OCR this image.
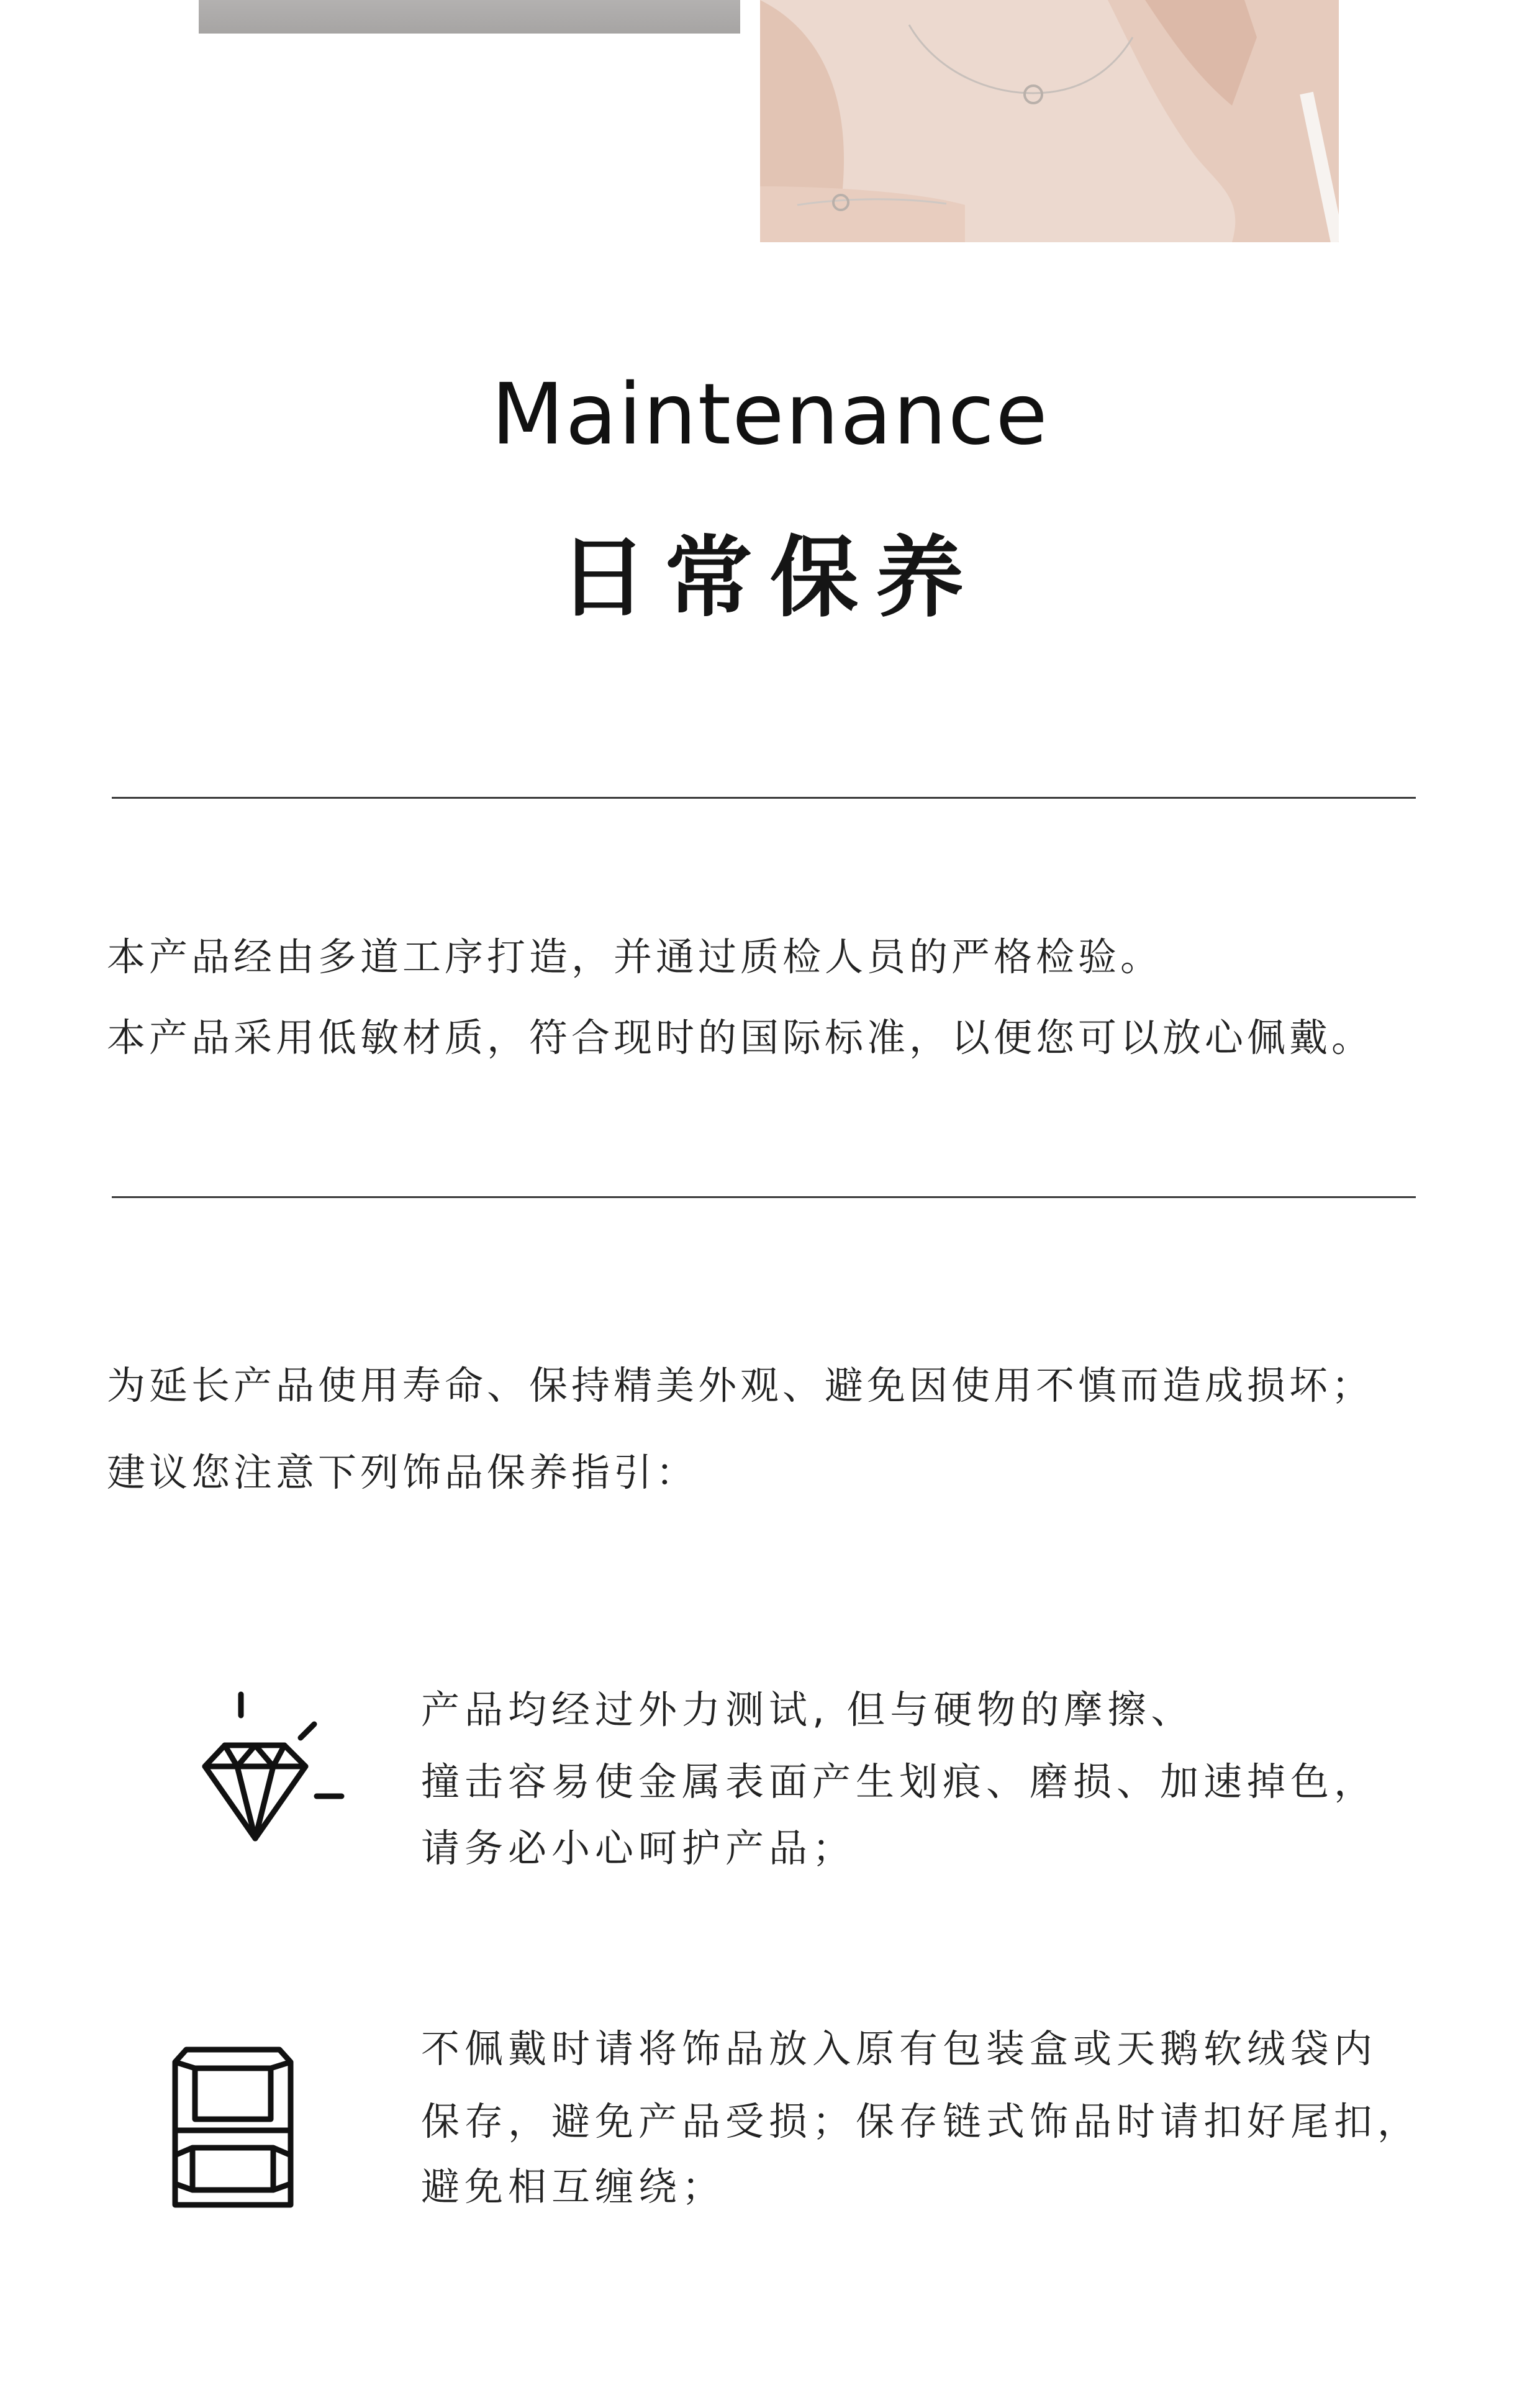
Maintenance
日常保养
本产品经由多道工序打造，并通过质检人员的严格检验。
本产品采用低敏材质，符合现时的国际标准，以便您可以放心佩戴。
为延长产品使用寿命、保持精美外观、避免因使用不慎而造成损坏；
建议您注意下列饰品保养指引：
产品均经过外力测试, 但与硬物的摩擦、
撞击容易使金属表面产生划痕、磨损、加速掉色，
请务必小心呵护产品；
不佩戴时请将饰品放入原有包装盒或天鹅软绒袋内
保存，避免产品受损；保存链式饰品时请扣好尾扣，
避免相互缠绕；
